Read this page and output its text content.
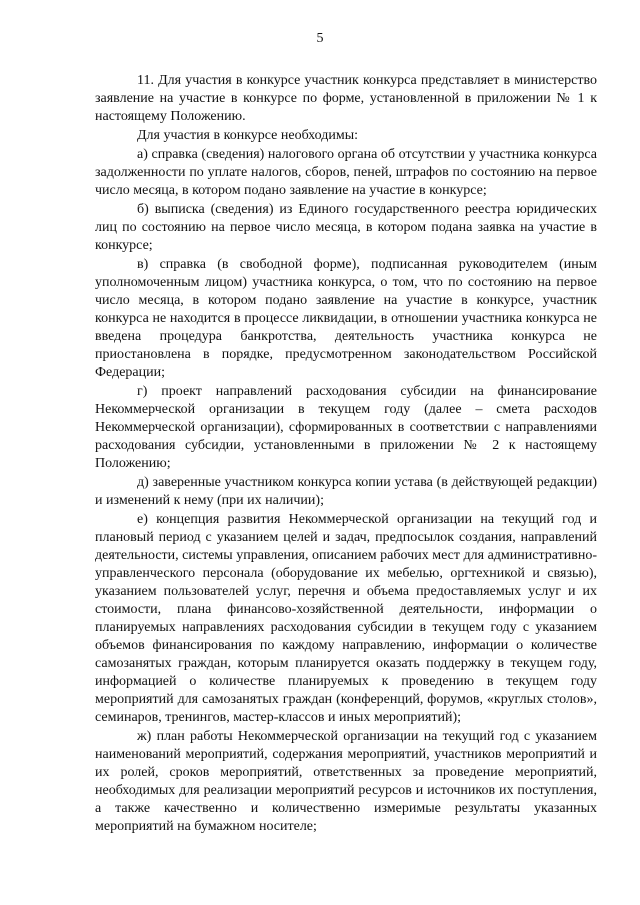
5

11. Для участия в конкурсе участник конкурса представляет в министерство заявление на участие в конкурсе по форме, установленной в приложении № 1 к настоящему Положению.

Для участия в конкурсе необходимы:

а) справка (сведения) налогового органа об отсутствии у участника конкурса задолженности по уплате налогов, сборов, пеней, штрафов по состоянию на первое число месяца, в котором подано заявление на участие в конкурсе;

б) выписка (сведения) из Единого государственного реестра юридических лиц по состоянию на первое число месяца, в котором подана заявка на участие в конкурсе;

в) справка (в свободной форме), подписанная руководителем (иным уполномоченным лицом) участника конкурса, о том, что по состоянию на первое число месяца, в котором подано заявление на участие в конкурсе, участник конкурса не находится в процессе ликвидации, в отношении участника конкурса не введена процедура банкротства, деятельность участника конкурса не приостановлена в порядке, предусмотренном законодательством Российской Федерации;

г) проект направлений расходования субсидии на финансирование Некоммерческой организации в текущем году (далее – смета расходов Некоммерческой организации), сформированных в соответствии с направлениями расходования субсидии, установленными в приложении № 2 к настоящему Положению;

д) заверенные участником конкурса копии устава (в действующей редакции) и изменений к нему (при их наличии);

е) концепция развития Некоммерческой организации на текущий год и плановый период с указанием целей и задач, предпосылок создания, направлений деятельности, системы управления, описанием рабочих мест для административно-управленческого персонала (оборудование их мебелью, оргтехникой и связью), указанием пользователей услуг, перечня и объема предоставляемых услуг и их стоимости, плана финансово-хозяйственной деятельности, информации о планируемых направлениях расходования субсидии в текущем году с указанием объемов финансирования по каждому направлению, информации о количестве самозанятых граждан, которым планируется оказать поддержку в текущем году, информацией о количестве планируемых к проведению в текущем году мероприятий для самозанятых граждан (конференций, форумов, «круглых столов», семинаров, тренингов, мастер-классов и иных мероприятий);

ж) план работы Некоммерческой организации на текущий год с указанием наименований мероприятий, содержания мероприятий, участников мероприятий и их ролей, сроков мероприятий, ответственных за проведение мероприятий, необходимых для реализации мероприятий ресурсов и источников их поступления, а также качественно и количественно измеримые результаты указанных мероприятий на бумажном носителе;
